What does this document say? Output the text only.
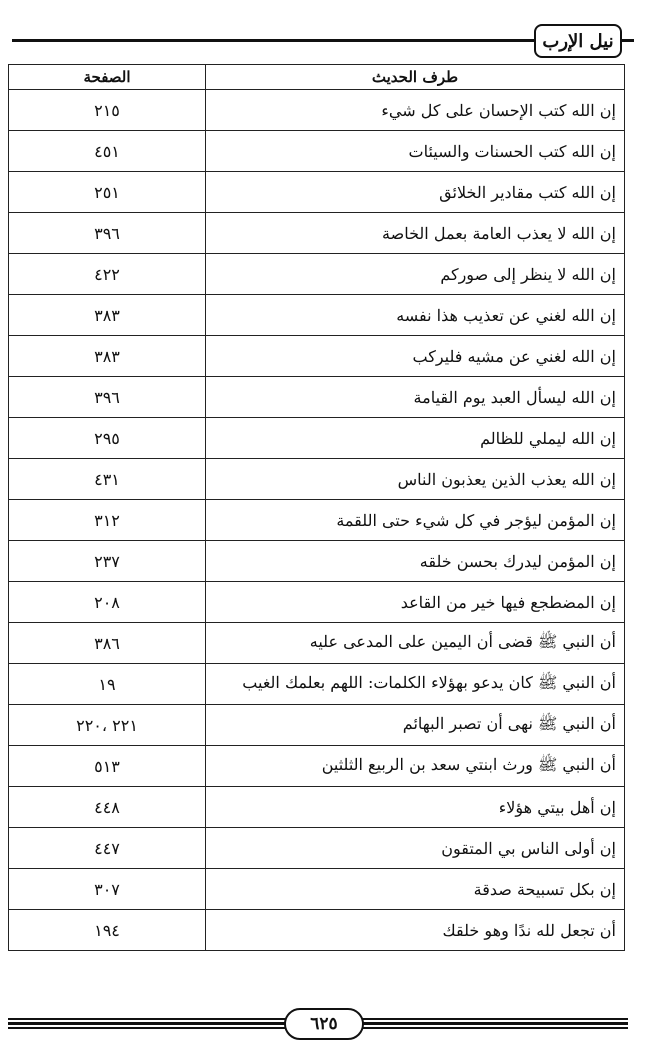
نيل الإرب
طرف الحديث	الصفحة
إن الله كتب الإحسان على كل شيء	٢١٥
إن الله كتب الحسنات والسيئات	٤٥١
إن الله كتب مقادير الخلائق	٢٥١
إن الله لا يعذب العامة بعمل الخاصة	٣٩٦
إن الله لا ينظر إلى صوركم	٤٢٢
إن الله لغني عن تعذيب هذا نفسه	٣٨٣
إن الله لغني عن مشيه فليركب	٣٨٣
إن الله ليسأل العبد يوم القيامة	٣٩٦
إن الله ليملي للظالم	٢٩٥
إن الله يعذب الذين يعذبون الناس	٤٣١
إن المؤمن ليؤجر في كل شيء حتى اللقمة	٣١٢
إن المؤمن ليدرك بحسن خلقه	٢٣٧
إن المضطجع فيها خير من القاعد	٢٠٨
أن النبي ﷺ قضى أن اليمين على المدعى عليه	٣٨٦
أن النبي ﷺ كان يدعو بهؤلاء الكلمات: اللهم بعلمك الغيب	١٩
أن النبي ﷺ نهى أن تصبر البهائم	٢٢١ ،٢٢٠
أن النبي ﷺ ورث ابنتي سعد بن الربيع الثلثين	٥١٣
إن أهل بيتي هؤلاء	٤٤٨
إن أولى الناس بي المتقون	٤٤٧
إن بكل تسبيحة صدقة	٣٠٧
أن تجعل لله ندًا وهو خلقك	١٩٤
٦٢٥
